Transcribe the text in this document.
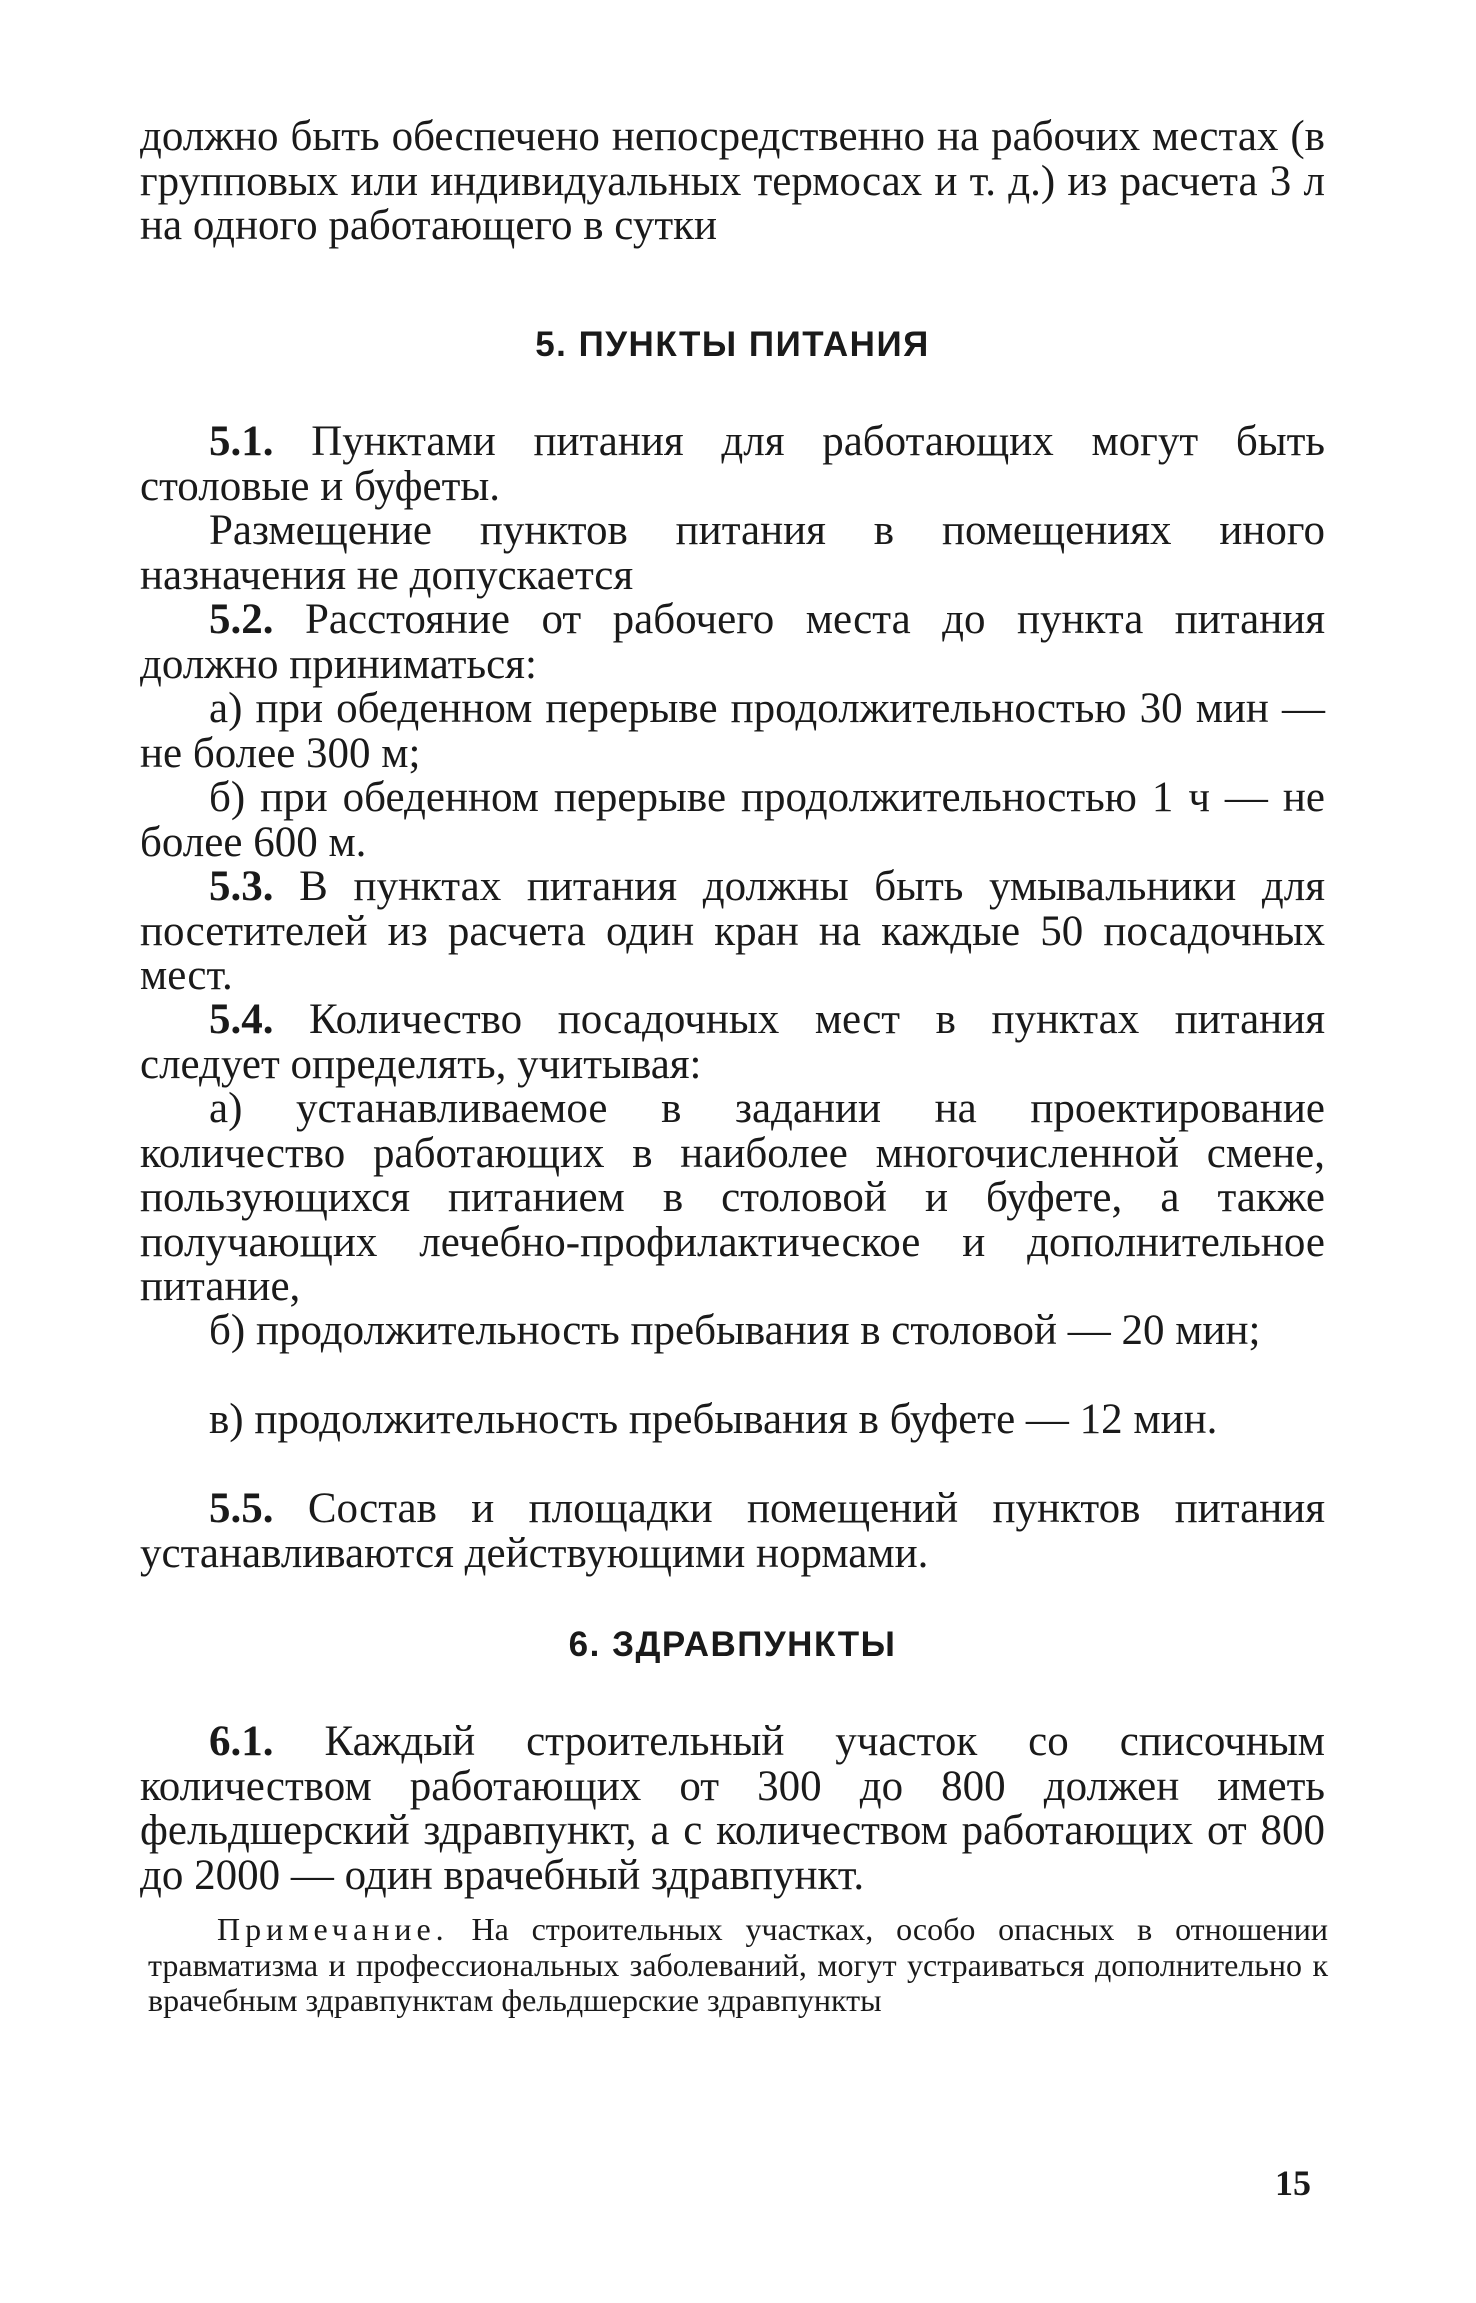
должно быть обеспечено непосредственно на рабочих местах (в групповых или индивидуальных термосах и т. д.) из расчета 3 л на одного работающего в сутки

5. ПУНКТЫ ПИТАНИЯ

5.1. Пунктами питания для работающих могут быть столовые и буфеты.

Размещение пунктов питания в помещениях иного назначения не допускается

5.2. Расстояние от рабочего места до пункта питания должно приниматься:

а) при обеденном перерыве продолжительностью 30 мин — не более 300 м;

б) при обеденном перерыве продолжительностью 1 ч — не более 600 м.

5.3. В пунктах питания должны быть умывальники для посетителей из расчета один кран на каждые 50 посадочных мест.

5.4. Количество посадочных мест в пунктах питания следует определять, учитывая:

а) устанавливаемое в задании на проектирование количество работающих в наиболее многочисленной смене, пользующихся питанием в столовой и буфете, а также получающих лечебно-профилактическое и дополнительное питание,

б) продолжительность пребывания в столовой — 20 мин;

в) продолжительность пребывания в буфете — 12 мин.

5.5. Состав и площадки помещений пунктов питания устанавливаются действующими нормами.

6. ЗДРАВПУНКТЫ

6.1. Каждый строительный участок со списочным количеством работающих от 300 до 800 должен иметь фельдшерский здравпункт, а с количеством работающих от 800 до 2000 — один врачебный здравпункт.

Примечание. На строительных участках, особо опасных в отношении травматизма и профессиональных заболеваний, могут устраиваться дополнительно к врачебным здравпунктам фельдшерские здравпункты

15
